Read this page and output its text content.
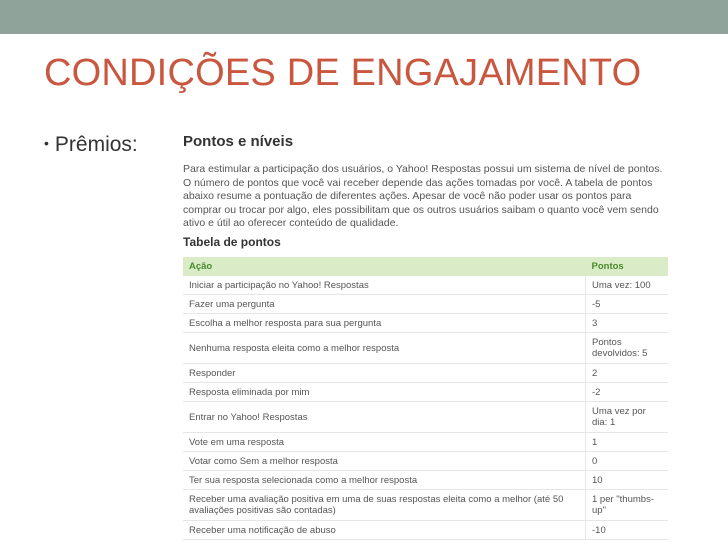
CONDIÇÕES DE ENGAJAMENTO
• Prêmios:	Pontos e níveis

Para estimular a participação dos usuários, o Yahoo! Respostas possui um sistema de nível de pontos. O número de pontos que você vai receber depende das ações tomadas por você. A tabela de pontos abaixo resume a pontuação de diferentes ações. Apesar de você não poder usar os pontos para comprar ou trocar por algo, eles possibilitam que os outros usuários saibam o quanto você vem sendo ativo e útil ao oferecer conteúdo de qualidade.

Tabela de pontos
Ação	Pontos
Iniciar a participação no Yahoo! Respostas	Uma vez: 100
Fazer uma pergunta	-5
Escolha a melhor resposta para sua pergunta	3
Nenhuma resposta eleita como a melhor resposta	Pontos devolvidos: 5
Responder	2
Resposta eliminada por mim	-2
Entrar no Yahoo! Respostas	Uma vez por dia: 1
Vote em uma resposta	1
Votar como Sem a melhor resposta	0
Ter sua resposta selecionada como a melhor resposta	10
Receber uma avaliação positiva em uma de suas respostas eleita como a melhor (até 50 avaliações positivas são contadas)	1 per "thumbs-up"
Receber uma notificação de abuso	-10
